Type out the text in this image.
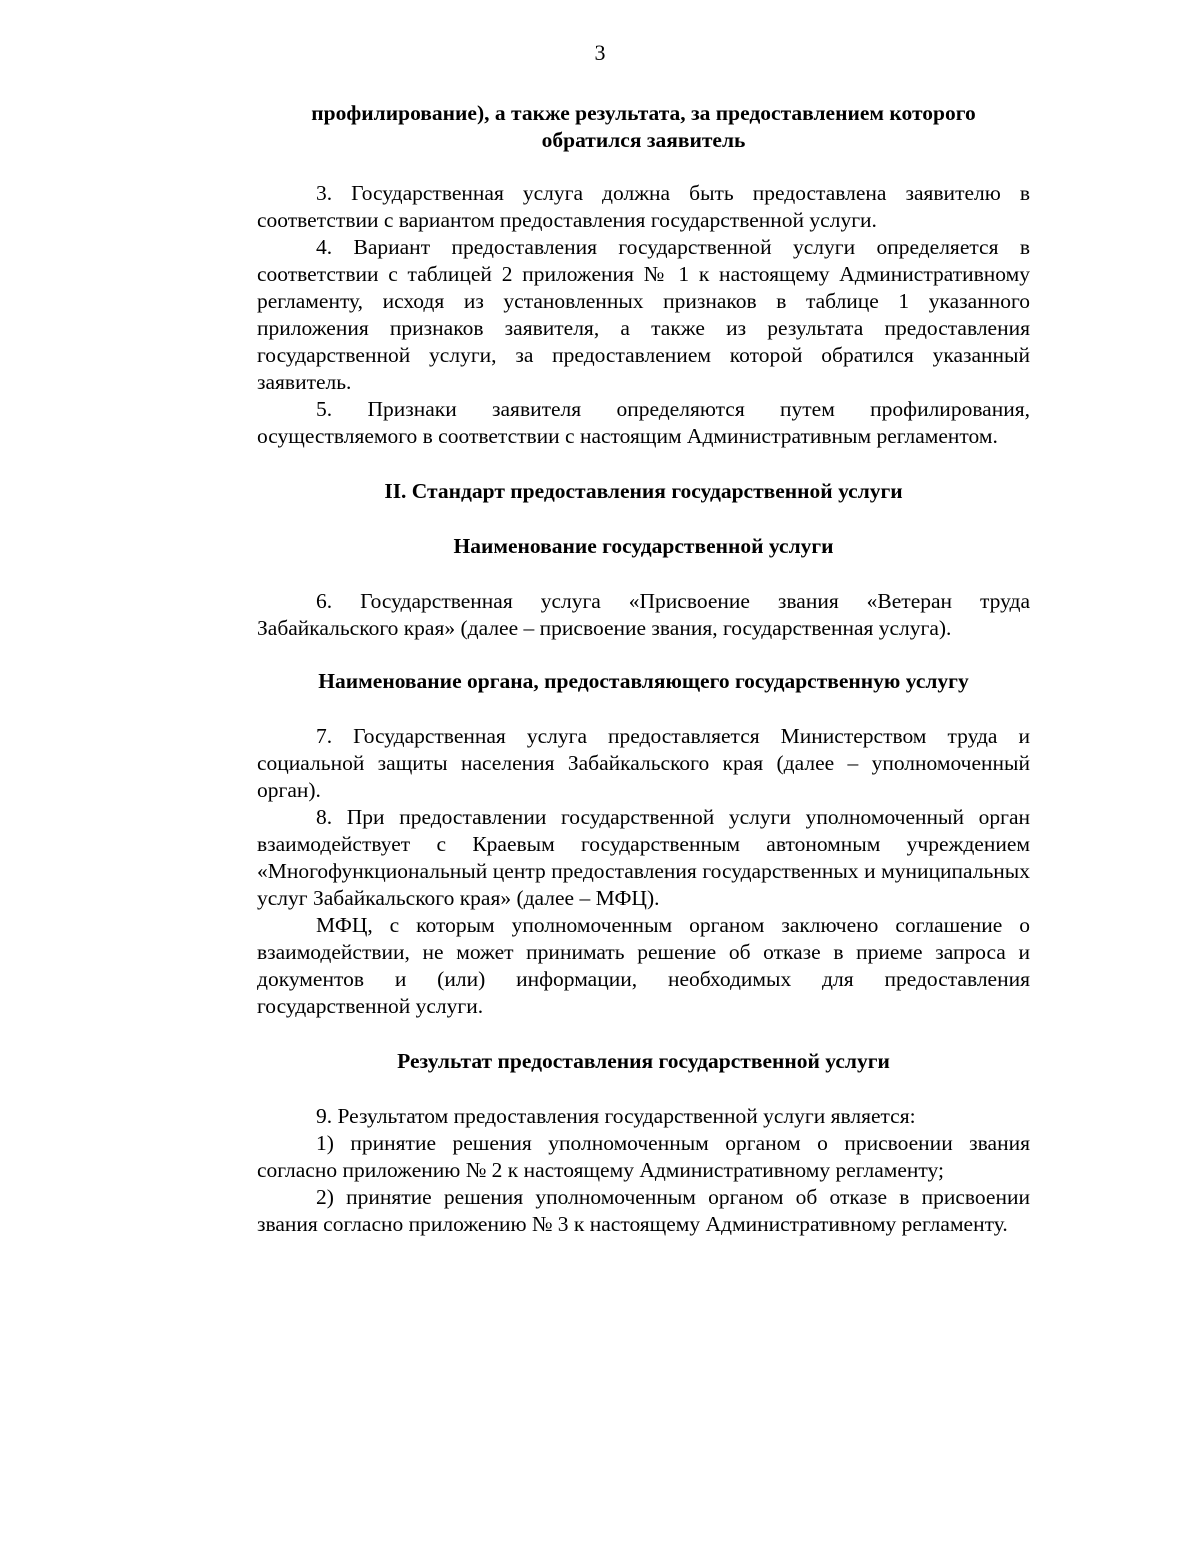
3

профилирование), а также результата, за предоставлением которого

обратился заявитель

3. Государственная услуга должна быть предоставлена заявителю в соответствии с вариантом предоставления государственной услуги.

4. Вариант предоставления государственной услуги определяется в соответствии с таблицей 2 приложения № 1 к настоящему Административному регламенту, исходя из установленных признаков в таблице 1 указанного приложения признаков заявителя, а также из результата предоставления государственной услуги, за предоставлением которой обратился указанный заявитель.

5. Признаки заявителя определяются путем профилирования, осуществляемого в соответствии с настоящим Административным регламентом.

II. Стандарт предоставления государственной услуги

Наименование государственной услуги

6. Государственная услуга «Присвоение звания «Ветеран труда Забайкальского края» (далее – присвоение звания, государственная услуга).

Наименование органа, предоставляющего государственную услугу

7. Государственная услуга предоставляется Министерством труда и социальной защиты населения Забайкальского края (далее – уполномоченный орган).

8. При предоставлении государственной услуги уполномоченный орган взаимодействует с Краевым государственным автономным учреждением «Многофункциональный центр предоставления государственных и муниципальных услуг Забайкальского края» (далее – МФЦ).

МФЦ, с которым уполномоченным органом заключено соглашение о взаимодействии, не может принимать решение об отказе в приеме запроса и документов и (или) информации, необходимых для предоставления государственной услуги.

Результат предоставления государственной услуги

9. Результатом предоставления государственной услуги является:

1) принятие решения уполномоченным органом о присвоении звания согласно приложению № 2 к настоящему Административному регламенту;

2) принятие решения уполномоченным органом об отказе в присвоении звания согласно приложению № 3 к настоящему Административному регламенту.
